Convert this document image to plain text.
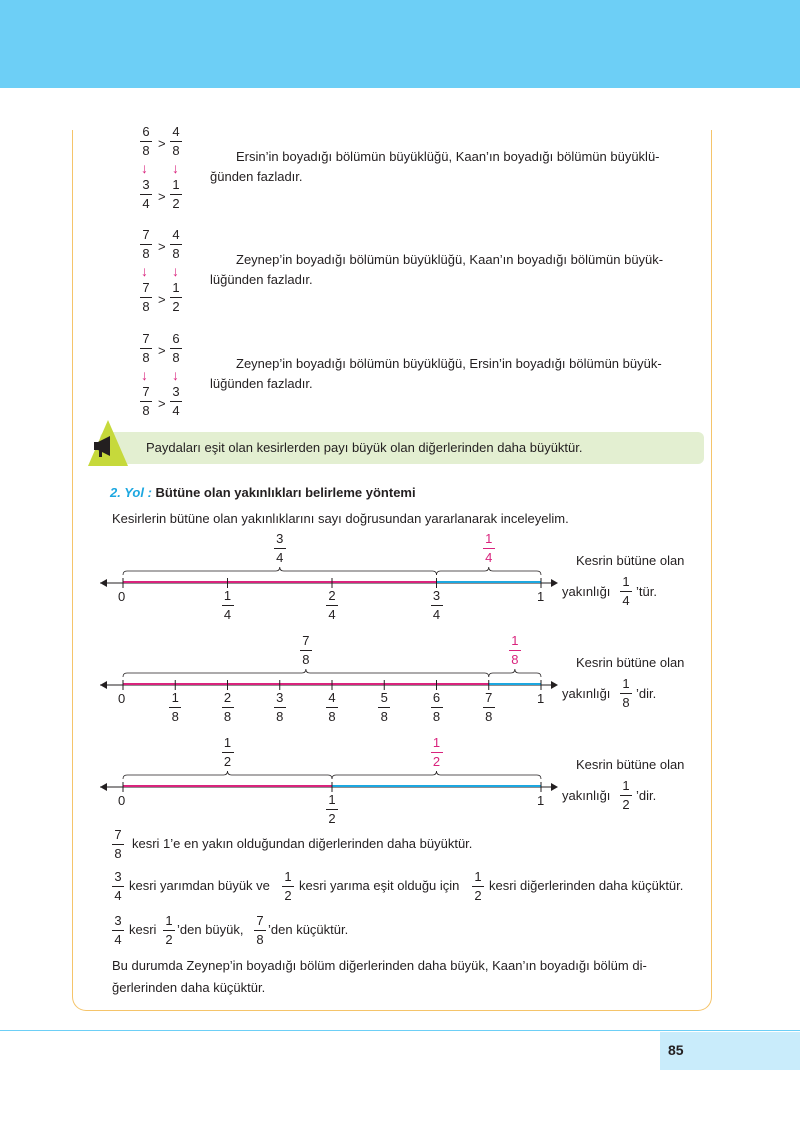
6
8 >
4
8
↓ ↓
3
4 >
1
2
Ersin’in boyadığı bölümün büyüklüğü, Kaan’ın boyadığı bölümün büyüklü-
ğünden fazladır.
7
8 >
4
8
↓ ↓
7
8 >
1
2
Zeynep’in boyadığı bölümün büyüklüğü, Kaan’ın boyadığı bölümün büyük-
lüğünden fazladır.
7
8 >
6
8
↓ ↓
7
8 >
3
4
Zeynep’in boyadığı bölümün büyüklüğü, Ersin’in boyadığı bölümün büyük-
lüğünden fazladır.
Paydaları eşit olan kesirlerden payı büyük olan diğerlerinden daha büyüktür.
2. Yol : Bütüne olan yakınlıkları belirleme yöntemi
Kesirlerin bütüne olan yakınlıklarını sayı doğrusundan yararlanarak inceleyelim.
3
4
1
4
0	1
1
4
2
4
3
4
Kesrin bütüne olan
yakınlığı
1
4
’tür.
7
8
1
8
0	1
1
8
2
8
3
8
4
8
5
8
6
8
7
8
Kesrin bütüne olan
yakınlığı
1
8
’dir.
1
2
1
2
0	1
1
2
Kesrin bütüne olan
yakınlığı
1
2
’dir.
7
8
kesri 1’e en yakın olduğundan diğerlerinden daha büyüktür.
3
4
kesri yarımdan büyük ve
1
2
kesri yarıma eşit olduğu için
1
2
kesri diğerlerinden daha küçüktür.
3
4
kesri
1
2
’den büyük,
7
8
’den küçüktür.
Bu durumda Zeynep’in boyadığı bölüm diğerlerinden daha büyük, Kaan’ın boyadığı bölüm di-
ğerlerinden daha küçüktür.
85
